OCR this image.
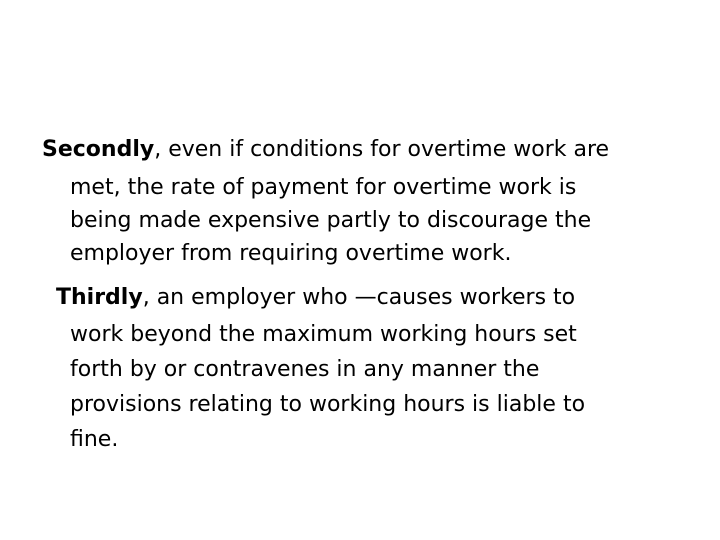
Secondly, even if conditions for overtime work are
met, the rate of payment for overtime work is
being made expensive partly to discourage the
employer from requiring overtime work.
Thirdly, an employer who —causes workers to
work beyond the maximum working hours set
forth by or contravenes in any manner the
provisions relating to working hours is liable to
fine.
